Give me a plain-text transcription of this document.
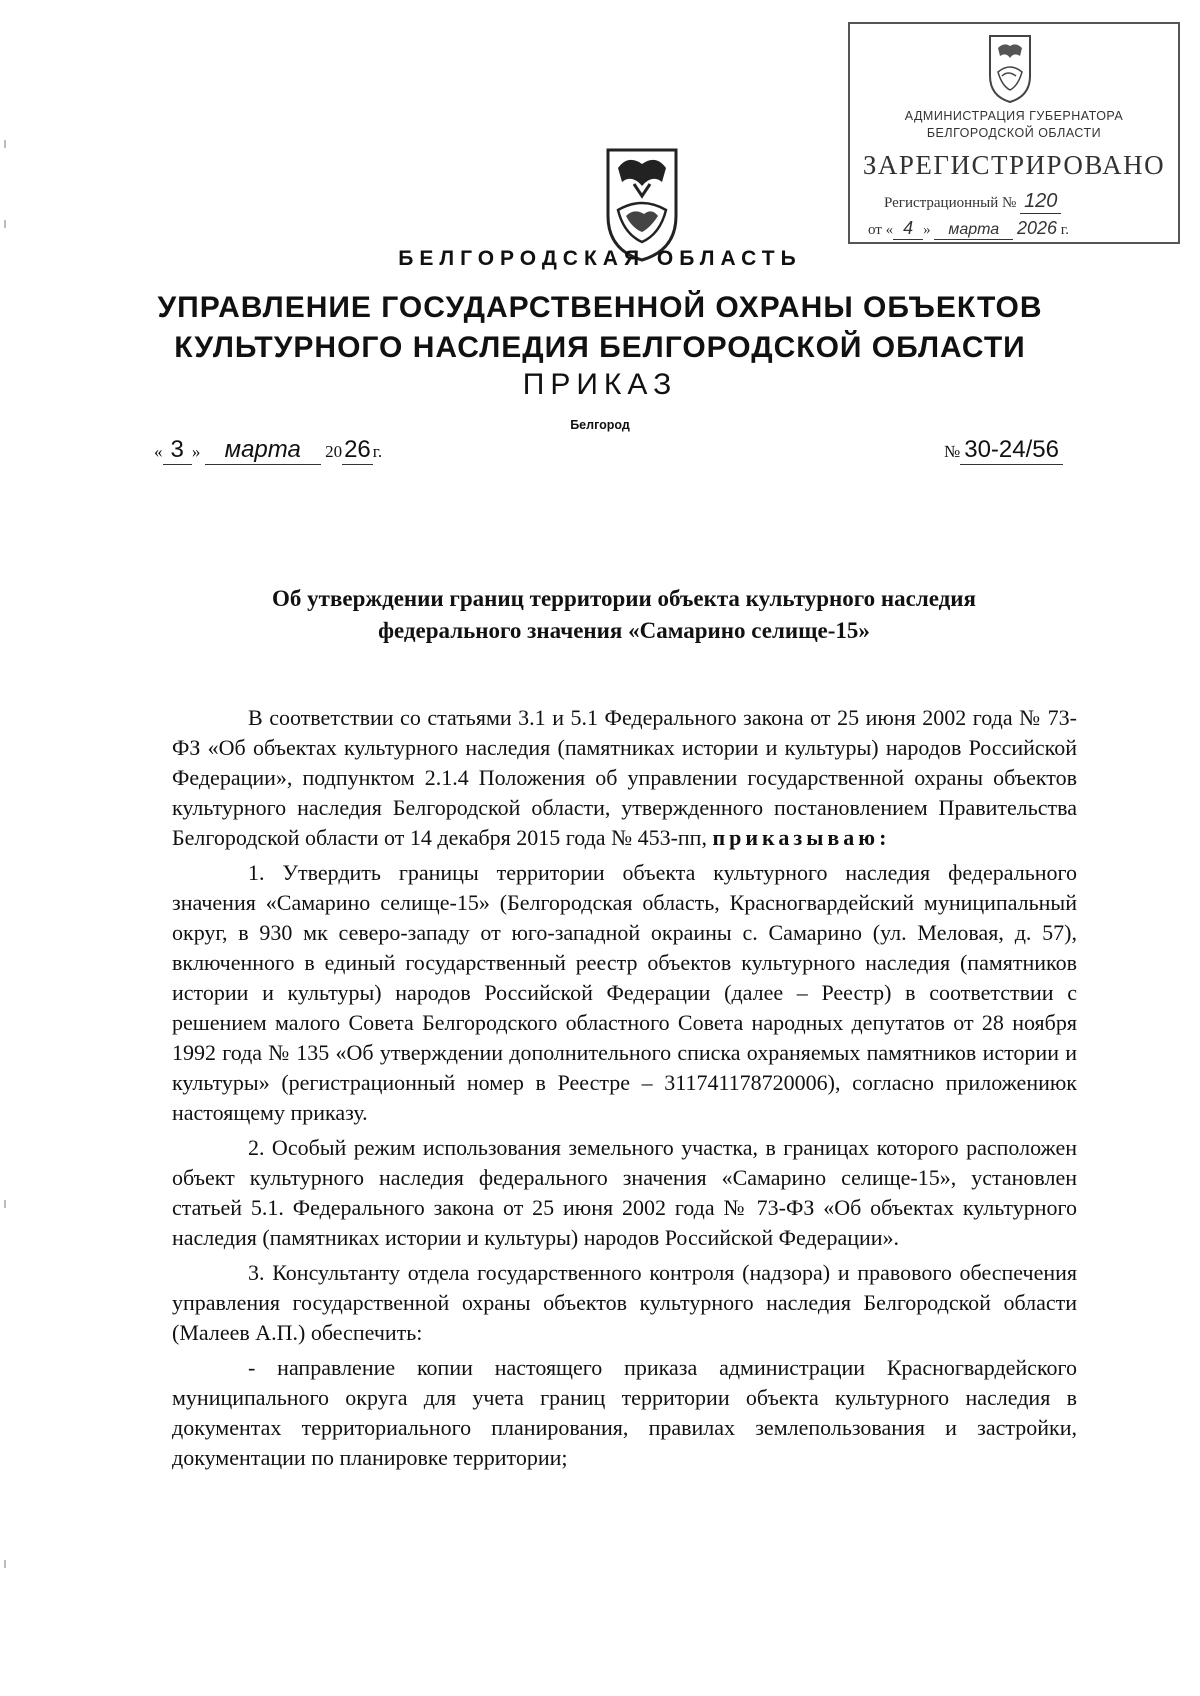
АДМИНИСТРАЦИЯ ГУБЕРНАТОРА
БЕЛГОРОДСКОЙ ОБЛАСТИ
ЗАРЕГИСТРИРОВАНО
Регистрационный № 120
от « 4 » марта 2026 г.
БЕЛГОРОДСКАЯ ОБЛАСТЬ
УПРАВЛЕНИЕ ГОСУДАРСТВЕННОЙ ОХРАНЫ ОБЪЕКТОВ
КУЛЬТУРНОГО НАСЛЕДИЯ БЕЛГОРОДСКОЙ ОБЛАСТИ
ПРИКАЗ
Белгород
« 3 » марта 2026 г.	№ 30-24/56
Об утверждении границ территории объекта культурного наследия
федерального значения «Самарино селище-15»

В соответствии со статьями 3.1 и 5.1 Федерального закона от 25 июня 2002 года № 73-ФЗ «Об объектах культурного наследия (памятниках истории и культуры) народов Российской Федерации», подпунктом 2.1.4 Положения об управлении государственной охраны объектов культурного наследия Белгородской области, утвержденного постановлением Правительства Белгородской области от 14 декабря 2015 года № 453-пп, приказываю:

1. Утвердить границы территории объекта культурного наследия федерального значения «Самарино селище-15» (Белгородская область, Красногвардейский муниципальный округ, в 930 мк северо-западу от юго-западной окраины с. Самарино (ул. Меловая, д. 57), включенного в единый государственный реестр объектов культурного наследия (памятников истории и культуры) народов Российской Федерации (далее – Реестр) в соответствии с решением малого Совета Белгородского областного Совета народных депутатов от 28 ноября 1992 года № 135 «Об утверждении дополнительного списка охраняемых памятников истории и культуры» (регистрационный номер в Реестре – 311741178720006), согласно приложениюк настоящему приказу.

2. Особый режим использования земельного участка, в границах которого расположен объект культурного наследия федерального значения «Самарино селище-15», установлен статьей 5.1. Федерального закона от 25 июня 2002 года № 73-ФЗ «Об объектах культурного наследия (памятниках истории и культуры) народов Российской Федерации».

3. Консультанту отдела государственного контроля (надзора) и правового обеспечения управления государственной охраны объектов культурного наследия Белгородской области (Малеев А.П.) обеспечить:

- направление копии настоящего приказа администрации Красногвардейского муниципального округа для учета границ территории объекта культурного наследия в документах территориального планирования, правилах землепользования и застройки, документации по планировке территории;
